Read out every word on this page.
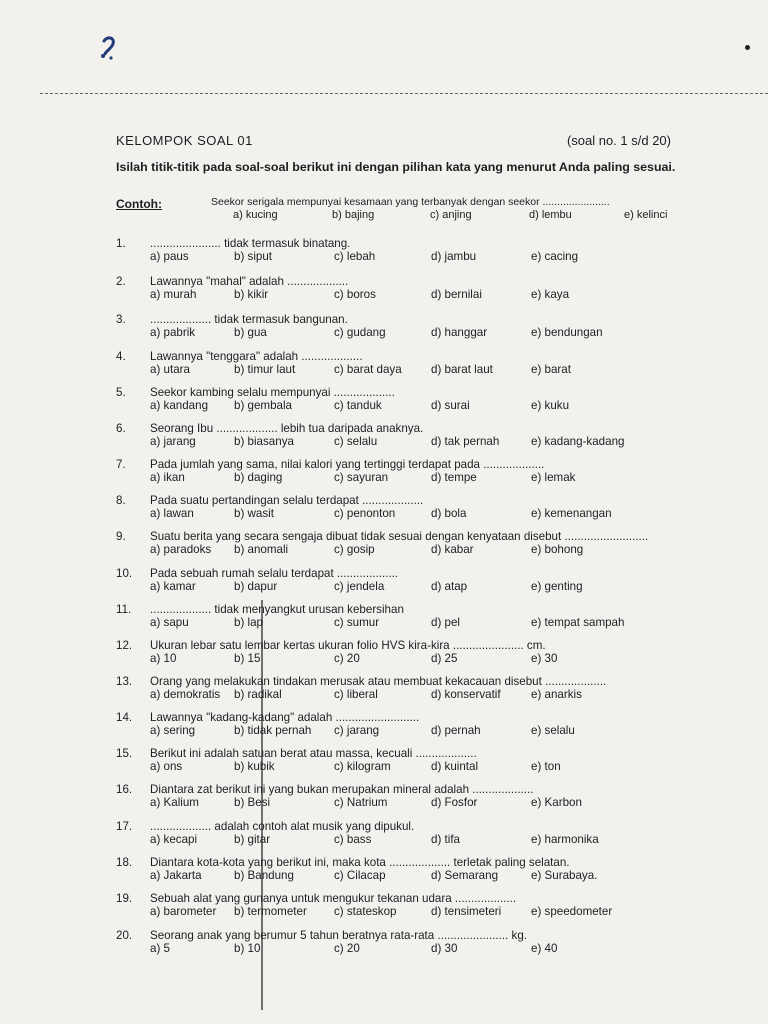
KELOMPOK SOAL 01	(soal no. 1 s/d 20)
Isilah titik-titik pada soal-soal berikut ini dengan pilihan kata yang menurut Anda paling sesuai.
Contoh:	Seekor serigala mempunyai kesamaan yang terbanyak dengan seekor .......................
a) kucing	b) bajing	c) anjing	d) lembu	e) kelinci
1. ...................... tidak termasuk binatang.
a) paus	b) siput	c) lebah	d) jambu	e) cacing
2. Lawannya "mahal" adalah ...................
a) murah	b) kikir	c) boros	d) bernilai	e) kaya
3. ................... tidak termasuk bangunan.
a) pabrik	b) gua	c) gudang	d) hanggar	e) bendungan
4. Lawannya "tenggara" adalah ...................
a) utara	b) timur laut	c) barat daya	d) barat laut	e) barat
5. Seekor kambing selalu mempunyai ...................
a) kandang b) gembala	c) tanduk	d) surai	e) kuku
6. Seorang Ibu ................... lebih tua daripada anaknya.
a) jarang	b) biasanya	c) selalu	d) tak pernah	e) kadang-kadang
7. Pada jumlah yang sama, nilai kalori yang tertinggi terdapat pada ...................
a) ikan	b) daging	c) sayuran	d) tempe	e) lemak
8. Pada suatu pertandingan selalu terdapat ...................
a) lawan	b) wasit	c) penonton	d) bola	e) kemenangan
9. Suatu berita yang secara sengaja dibuat tidak sesuai dengan kenyataan disebut ..........................
a) paradoks b) anomali	c) gosip	d) kabar	e) bohong
10. Pada sebuah rumah selalu terdapat ...................
a) kamar	b) dapur	c) jendela	d) atap	e) genting
11. ................... tidak menyangkut urusan kebersihan
a) sapu	b) lap	c) sumur	d) pel	e) tempat sampah
12. Ukuran lebar satu lembar kertas ukuran folio HVS kira-kira ...................... cm.
a) 10	b) 15	c) 20	d) 25	e) 30
13. Orang yang melakukan tindakan merusak atau membuat kekacauan disebut ...................
a) demokratis b) radikal	c) liberal	d) konservatif	e) anarkis
14. Lawannya "kadang-kadang" adalah ..........................
a) sering	b) tidak pernah c) jarang	d) pernah	e) selalu
15. Berikut ini adalah satuan berat atau massa, kecuali ...................
a) ons	b) kubik	c) kilogram	d) kuintal	e) ton
16. Diantara zat berikut ini yang bukan merupakan mineral adalah ...................
a) Kalium	b) Besi	c) Natrium	d) Fosfor	e) Karbon
17. ................... adalah contoh alat musik yang dipukul.
a) kecapi	b) gitar	c) bass	d) tifa	e) harmonika
18. Diantara kota-kota yang berikut ini, maka kota ................... terletak paling selatan.
a) Jakarta	b) Bandung	c) Cilacap	d) Semarang	e) Surabaya.
19. Sebuah alat yang gunanya untuk mengukur tekanan udara ...................
a) barometer b) termometer c) stateskop	d) tensimeteri	e) speedometer
20. Seorang anak yang berumur 5 tahun beratnya rata-rata ...................... kg.
a) 5	b) 10	c) 20	d) 30	e) 40
